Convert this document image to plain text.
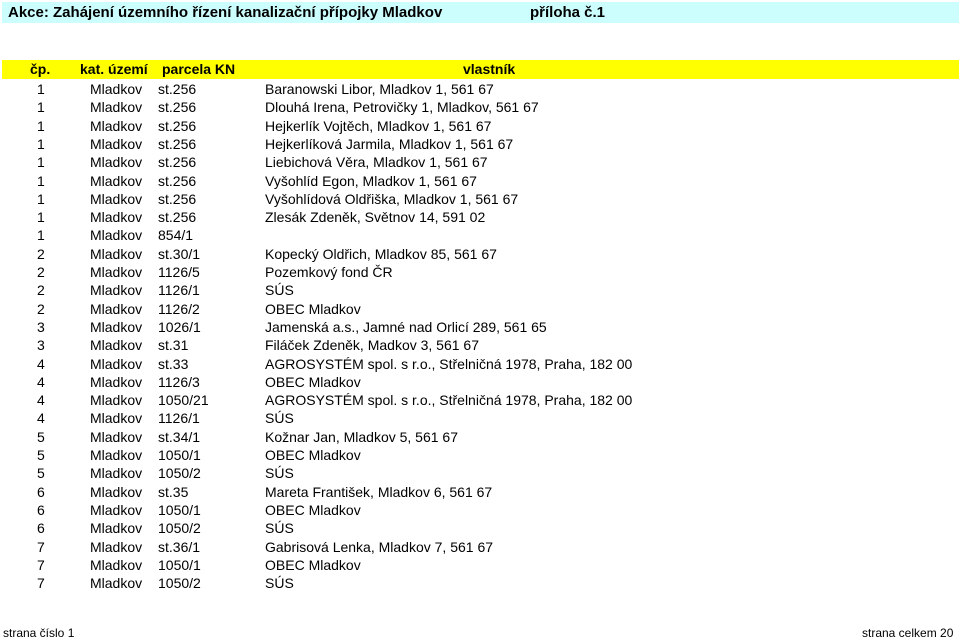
Akce: Zahájení územního řízení kanalizační přípojky Mladkov	příloha č.1
čp. kat. území parcela KN	vlastník
1	Mladkov st.256	Baranowski Libor, Mladkov 1, 561 67
1	Mladkov st.256	Dlouhá Irena, Petrovičky 1, Mladkov, 561 67
1	Mladkov st.256	Hejkerlík Vojtěch, Mladkov 1, 561 67
1	Mladkov st.256	Hejkerlíková Jarmila, Mladkov 1, 561 67
1	Mladkov st.256	Liebichová Věra, Mladkov 1, 561 67
1	Mladkov st.256	Vyšohlíd Egon, Mladkov 1, 561 67
1	Mladkov st.256	Vyšohlídová Oldřiška, Mladkov 1, 561 67
1	Mladkov st.256	Zlesák Zdeněk, Světnov 14, 591 02
1	Mladkov 854/1
2	Mladkov st.30/1	Kopecký Oldřich, Mladkov 85, 561 67
2	Mladkov 1126/5	Pozemkový fond ČR
2	Mladkov 1126/1	SÚS
2	Mladkov 1126/2	OBEC Mladkov
3	Mladkov 1026/1	Jamenská a.s., Jamné nad Orlicí 289, 561 65
3	Mladkov st.31	Filáček Zdeněk, Madkov 3, 561 67
4	Mladkov st.33	AGROSYSTÉM spol. s r.o., Střelničná 1978, Praha, 182 00
4	Mladkov 1126/3	OBEC Mladkov
4	Mladkov 1050/21	AGROSYSTÉM spol. s r.o., Střelničná 1978, Praha, 182 00
4	Mladkov 1126/1	SÚS
5	Mladkov st.34/1	Kožnar Jan, Mladkov 5, 561 67
5	Mladkov 1050/1	OBEC Mladkov
5	Mladkov 1050/2	SÚS
6	Mladkov st.35	Mareta František, Mladkov 6, 561 67
6	Mladkov 1050/1	OBEC Mladkov
6	Mladkov 1050/2	SÚS
7	Mladkov st.36/1	Gabrisová Lenka, Mladkov 7, 561 67
7	Mladkov 1050/1	OBEC Mladkov
7	Mladkov 1050/2	SÚS
strana číslo 1	strana celkem 20
